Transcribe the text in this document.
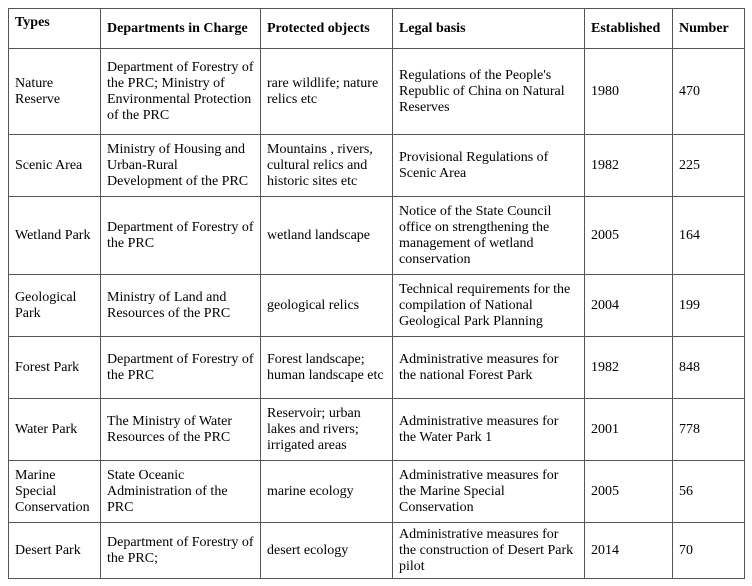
Types	Departments in Charge	Protected objects	Legal basis	Established	Number
Nature Reserve	Department of Forestry of the PRC; Ministry of Environmental Protection of the PRC	rare wildlife; nature relics etc	Regulations of the People's Republic of China on Natural Reserves	1980	470
Scenic Area	Ministry of Housing and Urban-Rural Development of the PRC	Mountains , rivers, cultural relics and historic sites etc	Provisional Regulations of Scenic Area	1982	225
Wetland Park	Department of Forestry of the PRC	wetland landscape	Notice of the State Council office on strengthening the management of wetland conservation	2005	164
Geological Park	Ministry of Land and Resources of the PRC	geological relics	Technical requirements for the compilation of National Geological Park Planning	2004	199
Forest Park	Department of Forestry of the PRC	Forest landscape; human landscape etc	Administrative measures for the national Forest Park	1982	848
Water Park	The Ministry of Water Resources of the PRC	Reservoir; urban lakes and rivers; irrigated areas	Administrative measures for the Water Park 1	2001	778
Marine Special Conservation	State Oceanic Administration of the PRC	marine ecology	Administrative measures for the Marine Special Conservation	2005	56
Desert Park	Department of Forestry of the PRC;	desert ecology	Administrative measures for the construction of Desert Park pilot	2014	70
